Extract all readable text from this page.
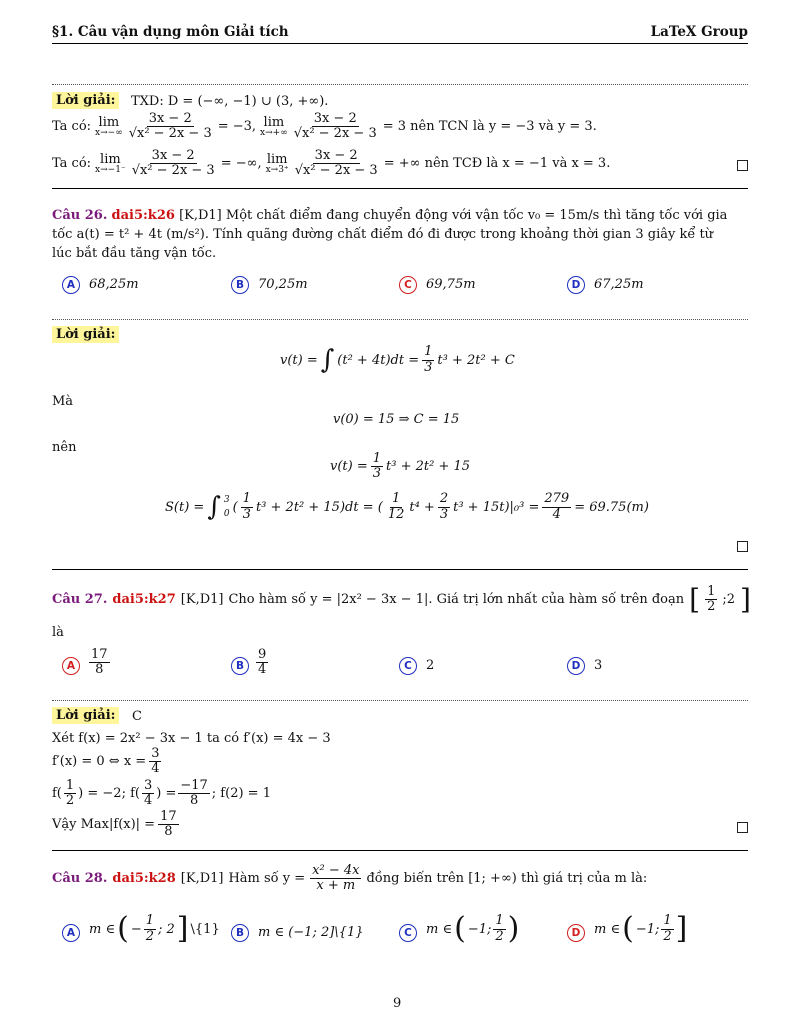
§1. Câu vận dụng môn Giải tích	LaTeX Group
Lời giải:	TXD: D = (−∞, −1) ∪ (3, +∞).
Ta có: lim
$x\to-\infty \frac{3x - 2}{\text{√x² − 2x − 3}} = -3$, lim
$x\to+\infty \frac{3x - 2}{\text{√x² − 2x − 3}} = 3$ nên TCN là y = −3 và y = 3.
Ta có: lim
$x\to-1^- \frac{3x - 2}{\text{√x² − 2x − 3}}$ = −∞, lim
$x\to 3^+ \frac{3x - 2}{\text{√x² − 2x − 3}}$ = +∞ nên TCĐ là x = −1 và x = 3.
Câu 26. dai5:k26 [K,D1] Một chất điểm đang chuyển động với vận tốc v₀ = 15m/s thì tăng tốc với gia
tốc a(t) = t² + 4t (m/s²). Tính quãng đường chất điểm đó đi được trong khoảng thời gian 3 giây kể từ
lúc bắt đầu tăng vận tốc.
A	68,25m	B	70,25m	C	69,75m	D	67,25m
Lời giải:
v(t) = ∫ $(t^2 + 4t)dt = \frac{1}{3} t^3 + 2t^2 + C$
Mà
v(0) = 15 ⇒ C = 15
nên
$v(t) = \frac{1}{3} t^3 + 2t^2 + 15$
S(t) = ∫ 3
0 ( $\frac{1}{3} t^3 + 2t^2 + 15)dt$ = ( $\frac{1}{12} t^4 + \frac{2}{3} t^3 + 15t)|_0^3 = \frac{279}{4} = 69.75(m)$
Câu 27. dai5:k27 [K,D1] Cho hàm số y = |2x² − 3x − 1|. Giá trị lớn nhất của hàm số trên đoạn [ $\frac{1}{2}$ ;2 ]
là
A	$\frac{17}{8}$	B $\frac{9}{4}$	C	2	D	3
Lời giải:	C
Xét f(x) = 2x² − 3x − 1 ta có f′(x) = 4x − 3
f′(x) = 0 ⇔ $x = \frac{3}{4}$
$f( \frac{1}{2}$ ) = −2; $f( \frac{3}{4}$ ) = $\frac{-17}{8}$ ; f(2) = 1
Vậy $Max|f(x)| = \frac{17}{8}$
Câu 28. dai5:k28 [K,D1] Hàm số $y = \frac{\text{x² − 4x}}{x + m}$ đồng biến trên [1; +∞) thì giá trị của m là:
A	m ∈ ( − $\frac{1}{2}$ ; 2 ] \{1}	B	m ∈ (−1; 2]\{1}	C	m ∈ ( −1; $\frac{1}{2}$ )	D	m ∈ ( −1; $\frac{1}{2}$ ]
9
